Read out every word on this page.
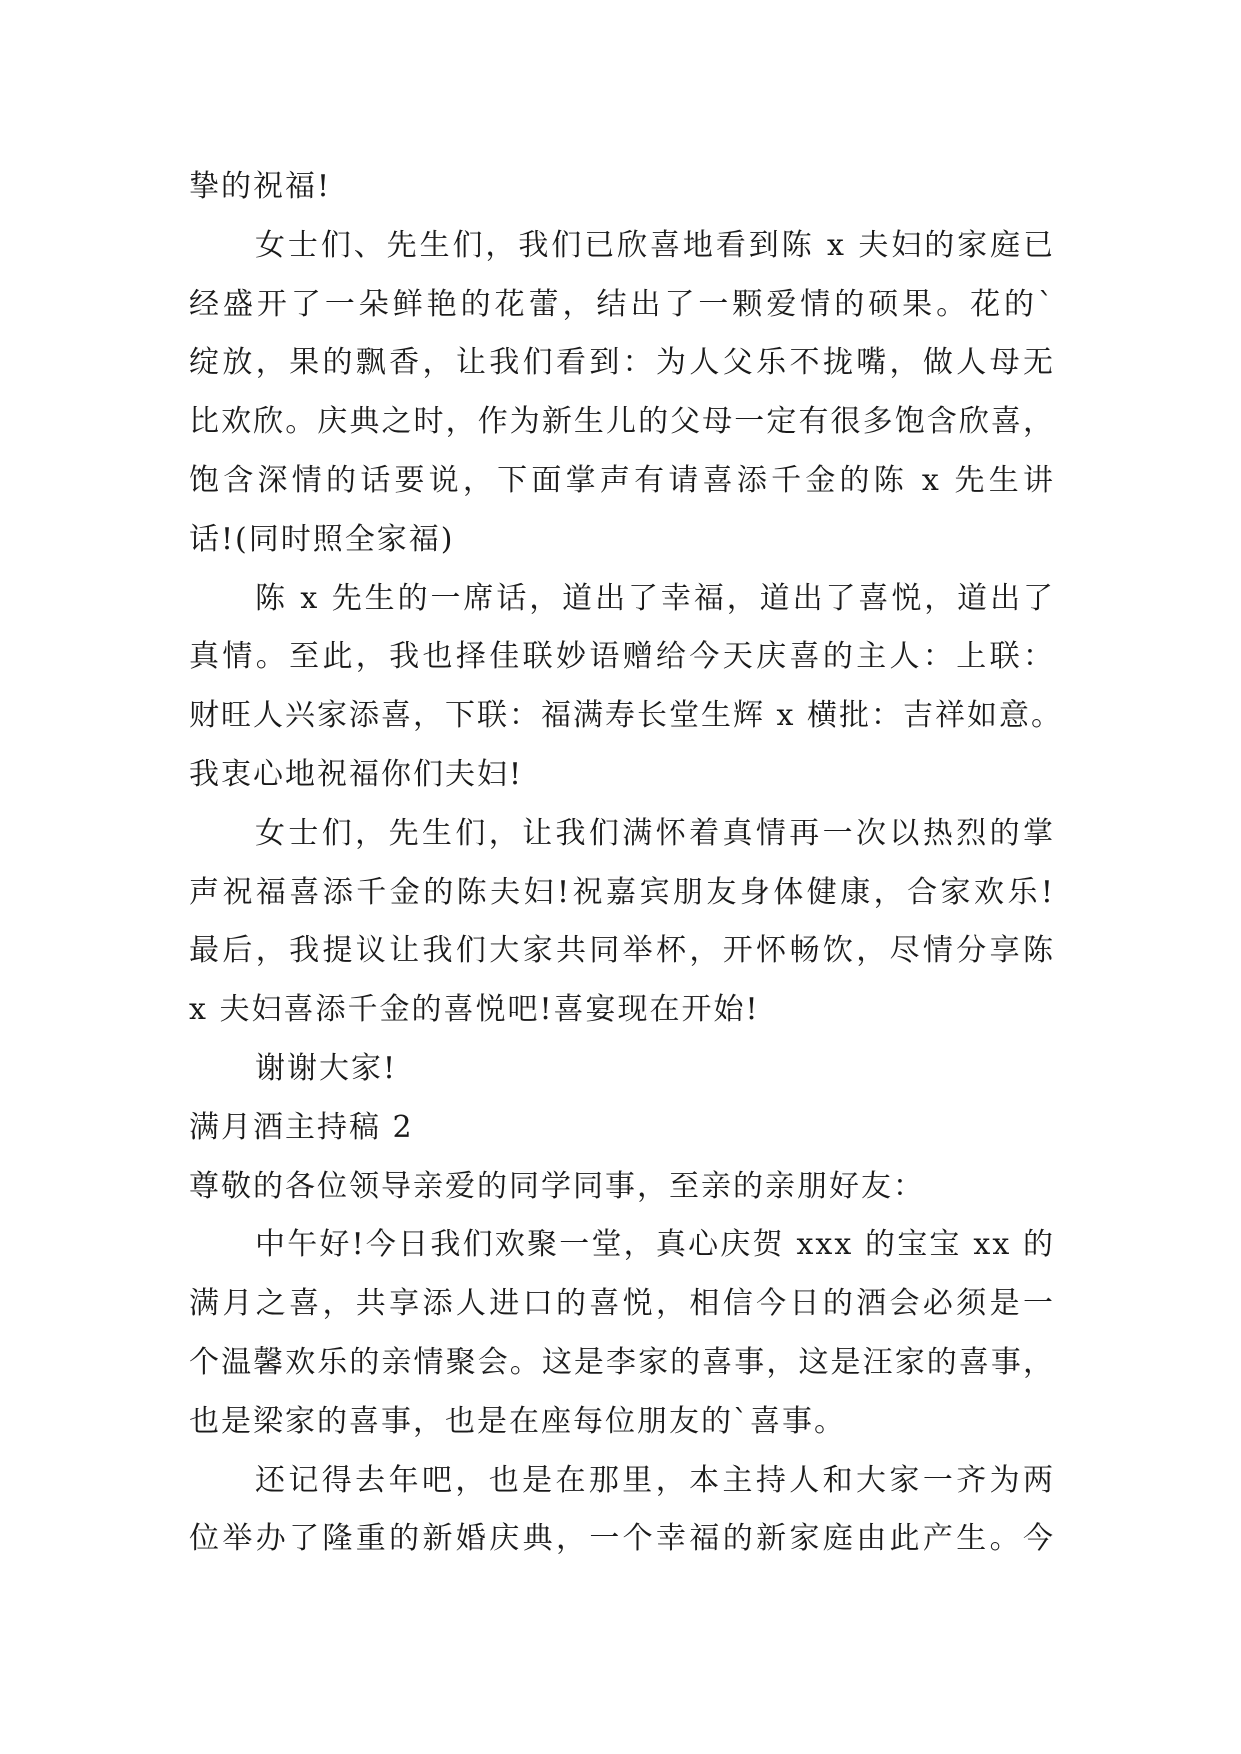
挚的祝福!
女士们、先生们，我们已欣喜地看到陈 x 夫妇的家庭已
经盛开了一朵鲜艳的花蕾，结出了一颗爱情的硕果。花的`
绽放，果的飘香，让我们看到：为人父乐不拢嘴，做人母无
比欢欣。庆典之时，作为新生儿的父母一定有很多饱含欣喜，
饱含深情的话要说，下面掌声有请喜添千金的陈 x 先生讲
话!(同时照全家福)
陈 x 先生的一席话，道出了幸福，道出了喜悦，道出了
真情。至此，我也择佳联妙语赠给今天庆喜的主人：上联：
财旺人兴家添喜，下联：福满寿长堂生辉 x 横批：吉祥如意。
我衷心地祝福你们夫妇!
女士们，先生们，让我们满怀着真情再一次以热烈的掌
声祝福喜添千金的陈夫妇!祝嘉宾朋友身体健康，合家欢乐!
最后，我提议让我们大家共同举杯，开怀畅饮，尽情分享陈
x 夫妇喜添千金的喜悦吧!喜宴现在开始!
谢谢大家!
满月酒主持稿 2
尊敬的各位领导亲爱的同学同事，至亲的亲朋好友：
中午好!今日我们欢聚一堂，真心庆贺 xxx 的宝宝 xx 的
满月之喜，共享添人进口的喜悦，相信今日的酒会必须是一
个温馨欢乐的亲情聚会。这是李家的喜事，这是汪家的喜事，
也是梁家的喜事，也是在座每位朋友的`喜事。
还记得去年吧，也是在那里，本主持人和大家一齐为两
位举办了隆重的新婚庆典，一个幸福的新家庭由此产生。今
